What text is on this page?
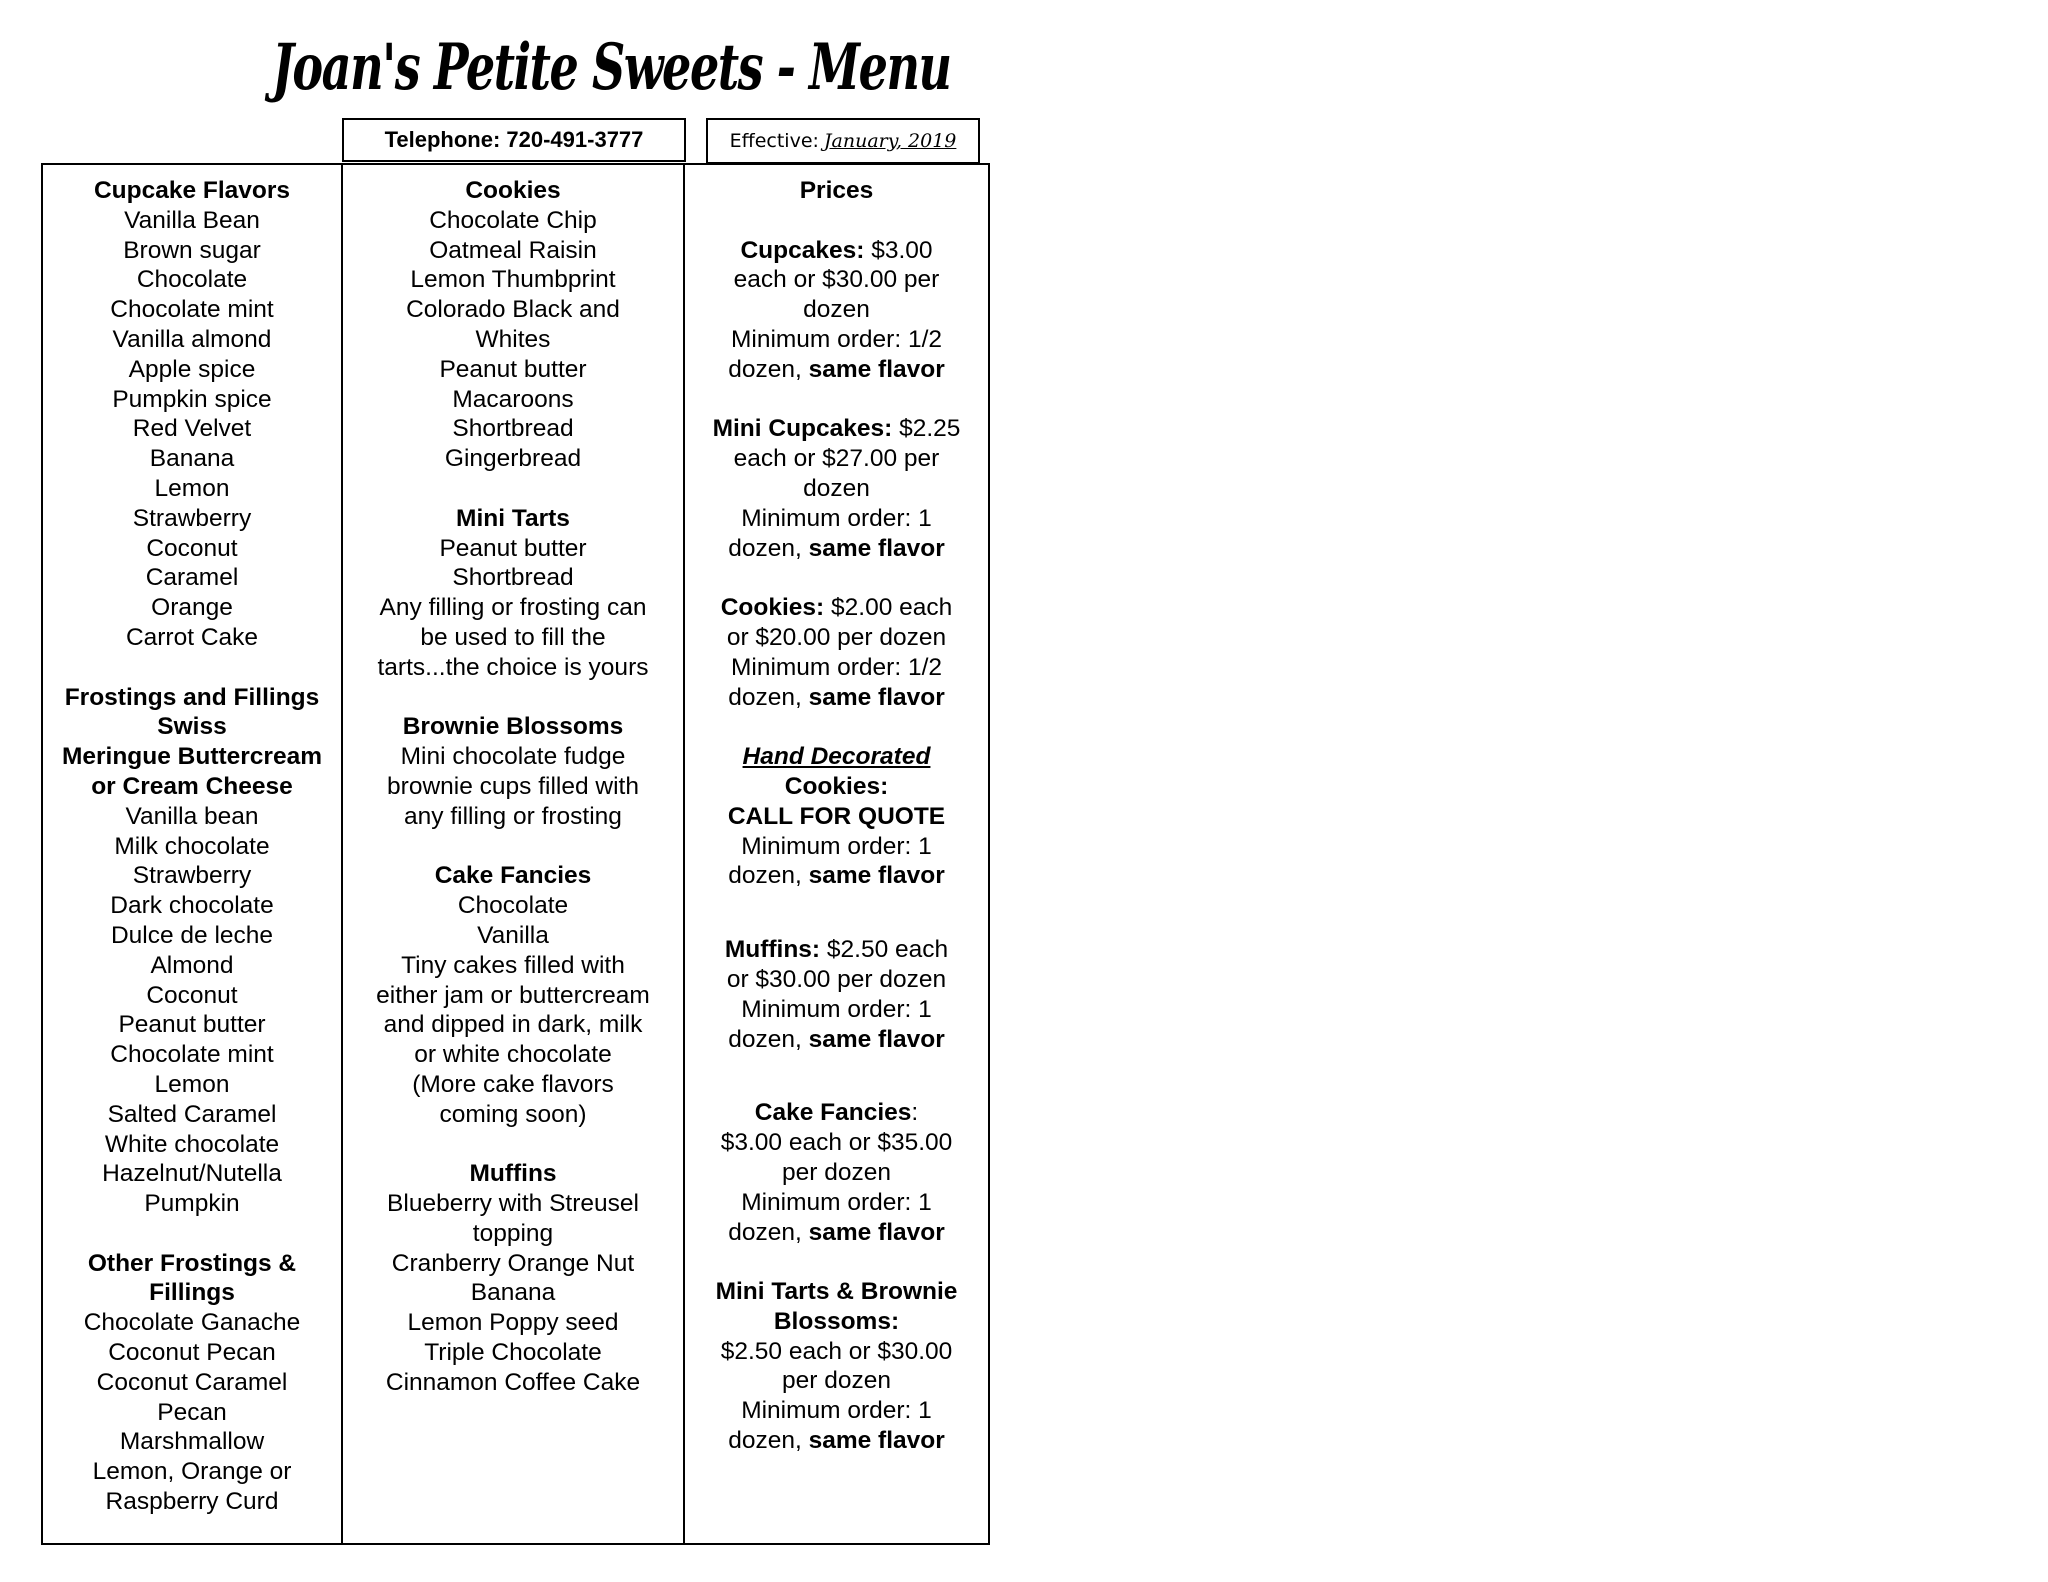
Joan's Petite Sweets - Menu
Telephone: 720-491-3777	Effective: January, 2019
Cupcake Flavors
Vanilla Bean
Brown sugar
Chocolate
Chocolate mint
Vanilla almond
Apple spice
Pumpkin spice
Red Velvet
Banana
Lemon
Strawberry
Coconut
Caramel
Orange
Carrot Cake
Frostings and Fillings
Swiss
Meringue Buttercream
or Cream Cheese
Vanilla bean
Milk chocolate
Strawberry
Dark chocolate
Dulce de leche
Almond
Coconut
Peanut butter
Chocolate mint
Lemon
Salted Caramel
White chocolate
Hazelnut/Nutella
Pumpkin
Other Frostings &
Fillings
Chocolate Ganache
Coconut Pecan
Coconut Caramel
Pecan
Marshmallow
Lemon, Orange or
Raspberry Curd
Cookies
Chocolate Chip
Oatmeal Raisin
Lemon Thumbprint
Colorado Black and
Whites
Peanut butter
Macaroons
Shortbread
Gingerbread
Mini Tarts
Peanut butter
Shortbread
Any filling or frosting can
be used to fill the
tarts...the choice is yours
Brownie Blossoms
Mini chocolate fudge
brownie cups filled with
any filling or frosting
Cake Fancies
Chocolate
Vanilla
Tiny cakes filled with
either jam or buttercream
and dipped in dark, milk
or white chocolate
(More cake flavors
coming soon)
Muffins
Blueberry with Streusel
topping
Cranberry Orange Nut
Banana
Lemon Poppy seed
Triple Chocolate
Cinnamon Coffee Cake
Prices
Cupcakes: $3.00
each or $30.00 per
dozen
Minimum order: 1/2
dozen, same flavor
Mini Cupcakes: $2.25
each or $27.00 per
dozen
Minimum order: 1
dozen, same flavor
Cookies: $2.00 each
or $20.00 per dozen
Minimum order: 1/2
dozen, same flavor
Hand Decorated
Cookies:
CALL FOR QUOTE
Minimum order: 1
dozen, same flavor
Muffins: $2.50 each
or $30.00 per dozen
Minimum order: 1
dozen, same flavor
Cake Fancies:
$3.00 each or $35.00
per dozen
Minimum order: 1
dozen, same flavor
Mini Tarts & Brownie
Blossoms:
$2.50 each or $30.00
per dozen
Minimum order: 1
dozen, same flavor
